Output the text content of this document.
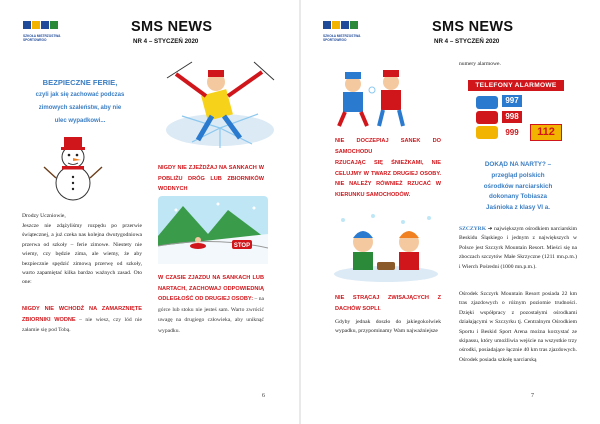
SZKOŁA MISTRZOSTWA SPORTOWEGO
SMS NEWS
NR 4 – STYCZEŃ 2020
BEZPIECZNE FERIE,
czyli jak się zachować podczas
zimowych szaleństw, aby nie
ulec wypadkowi...
Drodzy Uczniowie,
Jeszcze nie zdążyliśmy rozpędu po przerwie świątecznej, a już czeka nas kolejna dwutygodniowa przerwa od szkoły – ferie zimowe. Niestety nie wiemy, czy będzie zima, ale wiemy, że aby bezpiecznie spędzić zimową przerwę od szkoły, warto zapamiętać kilka bardzo ważnych zasad. Oto one:
NIGDY NIE WCHODŹ NA ZAMARZNIĘTE ZBIORNIKI WODNE – nie wiesz, czy lód nie załamie się pod Tobą.
NIGDY NIE ZJEŻDŻAJ NA SANKACH W POBLIŻU DRÓG LUB ZBIORNIKÓW WODNYCH
STOP
W CZASIE ZJAZDU NA SANKACH LUB NARTACH, ZACHOWAJ ODPOWIEDNIĄ ODLEGŁOŚĆ OD DRUGIEJ OSOBY: – na górce lub stoku nie jesteś sam. Warto zwrócić uwagę na drugiego człowieka, aby uniknąć wypadku.
6
SZKOŁA MISTRZOSTWA SPORTOWEGO
SMS NEWS
NR 4 – STYCZEŃ 2020
numery alarmowe.
TELEFONY ALARMOWE
997
998
999	112
NIE DOCZEPIAJ SANEK DO SAMOCHODU
RZUCAJĄC SIĘ ŚNIEŻKAMI, NIE CELUJMY W TWARZ DRUGIEJ OSOBY. NIE NALEŻY RÓWNIEŻ RZUCAĆ W KIERUNKU SAMOCHODÓW.
DOKĄD NA NARTY? –
przegląd polskich
ośrodków narciarskich
dokonany Tobiasza
Jaśnioka z klasy VI a.
NIE STRĄCAJ ZWISAJĄCYCH Z DACHÓW SOPLI.
Gdyby jednak doszło do jakiegokolwiek wypadku, przypominamy Wam najważniejsze
SZCZYRK ➔ największym ośrodkiem narciarskim Beskidu Śląskiego i jednym z największych w Polsce jest Szczyrk Mountain Resort. Mieści się na zboczach szczytów Małe Skrzyczne (1211 mn.p.m.) i Wierch Pośredni (1000 mn.p.m.).
Ośrodek Szczyrk Mountain Resort posiada 22 km tras zjazdowych o różnym poziomie trudności. Dzięki współpracy z pozostałymi ośrodkami działającymi w Szczyrku tj. Centralnym Ośrodkiem Sportu i Beskid Sport Arena można korzystać ze skipassu, który umożliwia wejście na wszystkie trzy ośrodki, posiadające łącznie 40 km tras zjazdowych. Ośrodek posiada szkołę narciarską
7
